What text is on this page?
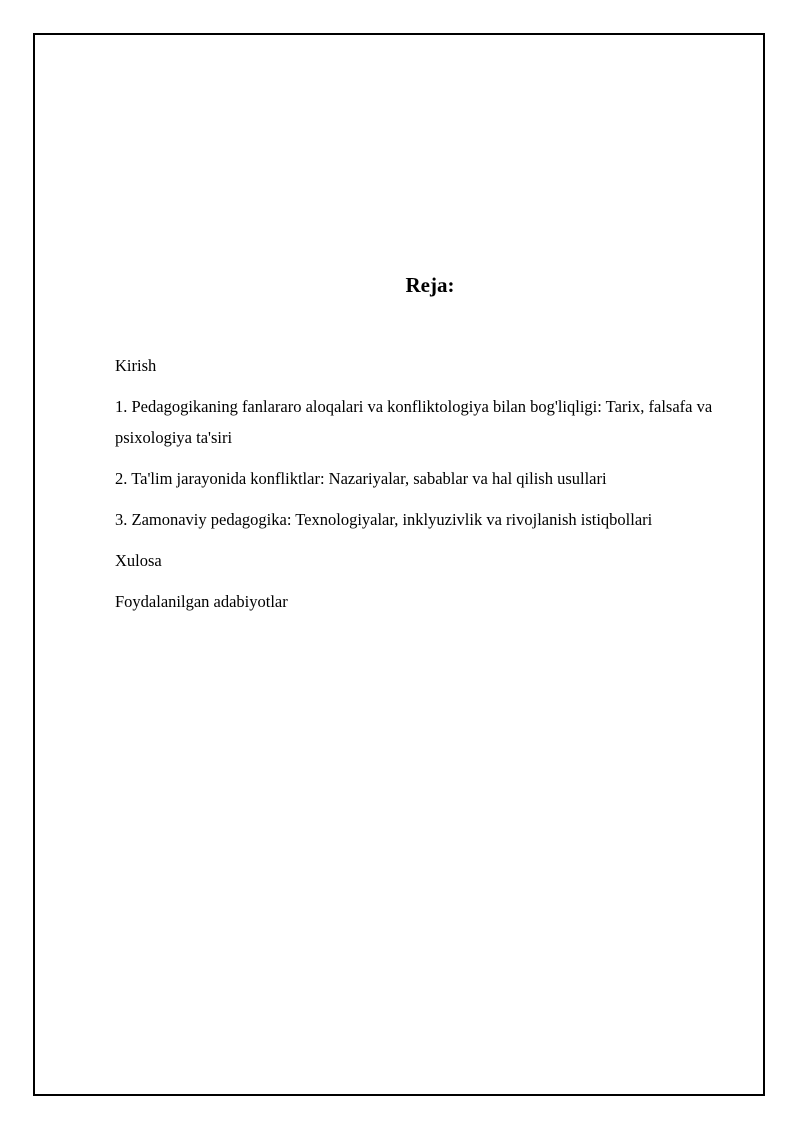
Reja:
Kirish
1. Pedagogikaning fanlararo aloqalari va konfliktologiya bilan bog'liqligi: Tarix, falsafa va psixologiya ta'siri
2. Ta'lim jarayonida konfliktlar: Nazariyalar, sabablar va hal qilish usullari
3. Zamonaviy pedagogika: Texnologiyalar, inklyuzivlik va rivojlanish istiqbollari
Xulosa
Foydalanilgan adabiyotlar
